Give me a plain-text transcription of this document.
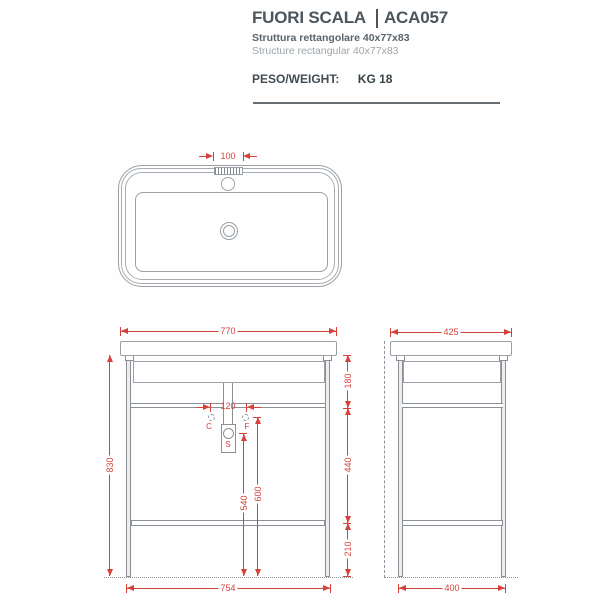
FUORI SCALA ACA057
Struttura rettangolare 40x77x83
Structure rectangular 40x77x83
PESO/WEIGHT: KG 18
100
C	F
S
770
830
120
540
600
180
440
210
754
425
400
